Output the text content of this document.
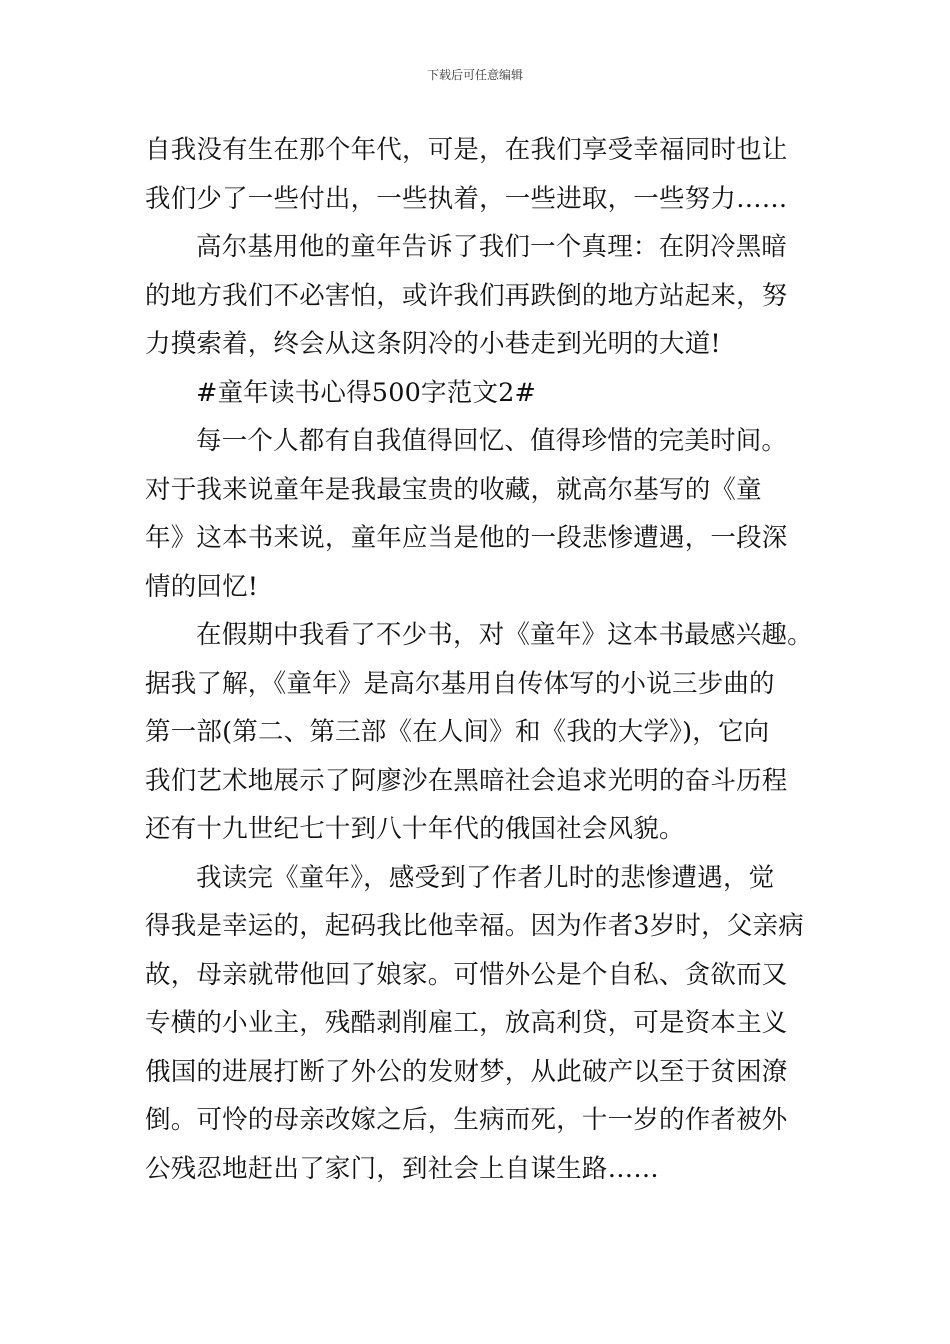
下载后可任意编辑
自我没有生在那个年代，可是，在我们享受幸福同时也让
我们少了一些付出，一些执着，一些进取，一些努力……
高尔基用他的童年告诉了我们一个真理：在阴冷黑暗
的地方我们不必害怕，或许我们再跌倒的地方站起来，努
力摸索着，终会从这条阴冷的小巷走到光明的大道!
#童年读书心得500字范文2#
每一个人都有自我值得回忆、值得珍惜的完美时间。
对于我来说童年是我最宝贵的收藏，就高尔基写的《童
年》这本书来说，童年应当是他的一段悲惨遭遇，一段深
情的回忆!
在假期中我看了不少书，对《童年》这本书最感兴趣。
据我了解，《童年》是高尔基用自传体写的小说三步曲的
第一部(第二、第三部《在人间》和《我的大学》)，它向
我们艺术地展示了阿廖沙在黑暗社会追求光明的奋斗历程
还有十九世纪七十到八十年代的俄国社会风貌。
我读完《童年》，感受到了作者儿时的悲惨遭遇，觉
得我是幸运的，起码我比他幸福。因为作者3岁时，父亲病
故，母亲就带他回了娘家。可惜外公是个自私、贪欲而又
专横的小业主，残酷剥削雇工，放高利贷，可是资本主义
俄国的进展打断了外公的发财梦，从此破产以至于贫困潦
倒。可怜的母亲改嫁之后，生病而死，十一岁的作者被外
公残忍地赶出了家门，到社会上自谋生路……
